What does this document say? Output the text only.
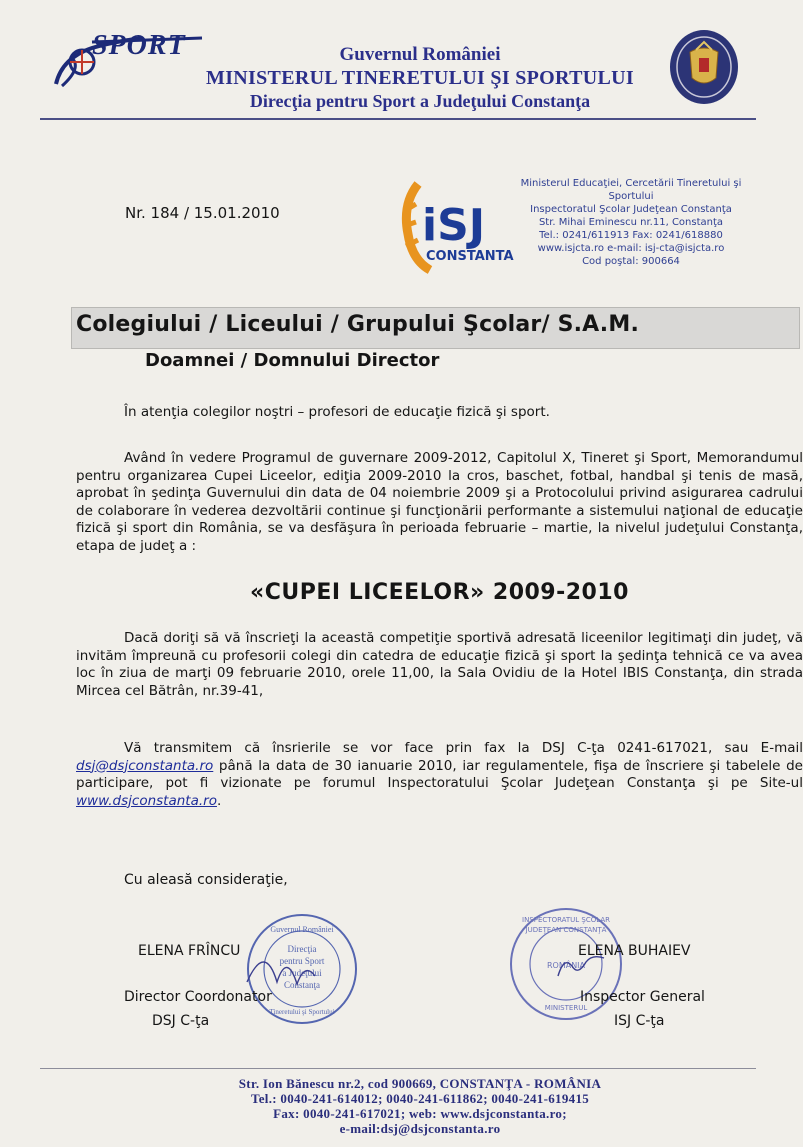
SPORT	Guvernul României
MINISTERUL TINERETULUI ŞI SPORTULUI
Direcţia pentru Sport a Judeţului Constanţa
Nr. 184 / 15.01.2010	iSJ
CONSTANTA
Ministerul Educaţiei, Cercetării Tineretului şi
Sportului
Inspectoratul Şcolar Judeţean Constanţa
Str. Mihai Eminescu nr.11, Constanţa
Tel.: 0241/611913 Fax: 0241/618880
www.isjcta.ro e-mail: isj-cta@isjcta.ro
Cod poştal: 900664
Colegiului / Liceului / Grupului Şcolar/ S.A.M.
Doamnei / Domnului Director
În atenţia colegilor noştri – profesori de educaţie fizică şi sport.
Având în vedere Programul de guvernare 2009-2012, Capitolul X, Tineret şi Sport, Memorandumul pentru organizarea Cupei Liceelor, ediţia 2009-2010 la cros, baschet, fotbal, handbal şi tenis de masă, aprobat în şedinţa Guvernului din data de 04 noiembrie 2009 şi a Protocolului privind asigurarea cadrului de colaborare în vederea dezvoltării continue şi funcţionării performante a sistemului naţional de educaţie fizică şi sport din România, se va desfăşura în perioada februarie – martie, la nivelul judeţului Constanţa, etapa de judeţ a :
«CUPEI LICEELOR» 2009-2010
Dacă doriţi să vă înscrieţi la această competiţie sportivă adresată liceenilor legitimaţi din judeţ, vă invităm împreună cu profesorii colegi din catedra de educaţie fizică şi sport la şedinţa tehnică ce va avea loc în ziua de marţi 09 februarie 2010, orele 11,00, la Sala Ovidiu de la Hotel IBIS Constanţa, din strada Mircea cel Bătrân, nr.39-41,
Vă transmitem că însrierile se vor face prin fax la DSJ C-ţa 0241-617021, sau E-mail dsj@dsjconstanta.ro până la data de 30 ianuarie 2010, iar regulamentele, fişa de înscriere şi tabelele de participare, pot fi vizionate pe forumul Inspectoratului Şcolar Judeţean Constanţa şi pe Site-ul www.dsjconstanta.ro.
Cu aleasă consideraţie,
Guvernul României
Direcţia
pentru Sport
a Judeţului
Constanţa
Tineretului şi Sportului
INSPECTORATUL ŞCOLAR
JUDEŢEAN CONSTANŢA
ROMÂNIA
MINISTERUL
ELENA FRÎNCU
Director Coordonator
DSJ C-ţa
ELENA BUHAIEV
Inspector General
ISJ C-ţa
Str. Ion Bănescu nr.2, cod 900669, CONSTANŢA - ROMÂNIA
Tel.: 0040-241-614012; 0040-241-611862; 0040-241-619415
Fax: 0040-241-617021; web: www.dsjconstanta.ro;
e-mail:dsj@dsjconstanta.ro
